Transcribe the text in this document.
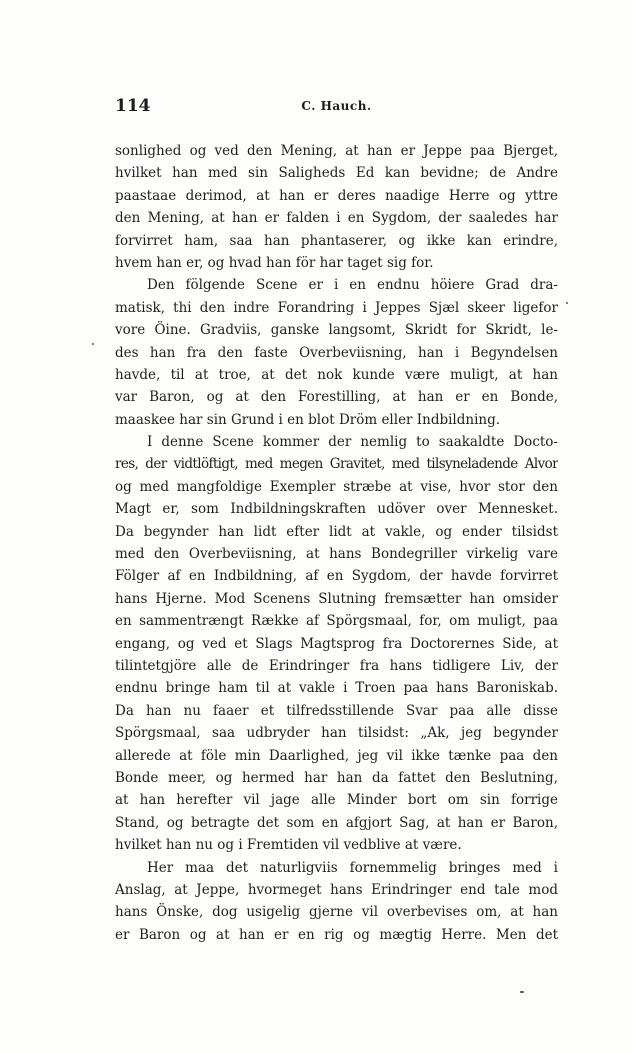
114	C. Hauch.
sonlighed og ved den Mening, at han er Jeppe paa Bjerget,
hvilket han med sin Saligheds Ed kan bevidne; de Andre
paastaae derimod, at han er deres naadige Herre og yttre
den Mening, at han er falden i en Sygdom, der saaledes har
forvirret ham, saa han phantaserer, og ikke kan erindre,
hvem han er, og hvad han för har taget sig for.
Den fölgende Scene er i en endnu höiere Grad dra-
matisk, thi den indre Forandring i Jeppes Sjæl skeer ligefor
vore Öine. Gradviis, ganske langsomt, Skridt for Skridt, le-
des han fra den faste Overbeviisning, han i Begyndelsen
havde, til at troe, at det nok kunde være muligt, at han
var Baron, og at den Forestilling, at han er en Bonde,
maaskee har sin Grund i en blot Dröm eller Indbildning.
I denne Scene kommer der nemlig to saakaldte Docto-
res, der vidtlöftigt, med megen Gravitet, med tilsyneladende Alvor
og med mangfoldige Exempler stræbe at vise, hvor stor den
Magt er, som Indbildningskraften udöver over Mennesket.
Da begynder han lidt efter lidt at vakle, og ender tilsidst
med den Overbeviisning, at hans Bondegriller virkelig vare
Fölger af en Indbildning, af en Sygdom, der havde forvirret
hans Hjerne. Mod Scenens Slutning fremsætter han omsider
en sammentrængt Række af Spörgsmaal, for, om muligt, paa
engang, og ved et Slags Magtsprog fra Doctorernes Side, at
tilintetgjöre alle de Erindringer fra hans tidligere Liv, der
endnu bringe ham til at vakle i Troen paa hans Baroniskab.
Da han nu faaer et tilfredsstillende Svar paa alle disse
Spörgsmaal, saa udbryder han tilsidst: „Ak, jeg begynder
allerede at föle min Daarlighed, jeg vil ikke tænke paa den
Bonde meer, og hermed har han da fattet den Beslutning,
at han herefter vil jage alle Minder bort om sin forrige
Stand, og betragte det som en afgjort Sag, at han er Baron,
hvilket han nu og i Fremtiden vil vedblive at være.
Her maa det naturligviis fornemmelig bringes med i
Anslag, at Jeppe, hvormeget hans Erindringer end tale mod
hans Önske, dog usigelig gjerne vil overbevises om, at han
er Baron og at han er en rig og mægtig Herre. Men det
